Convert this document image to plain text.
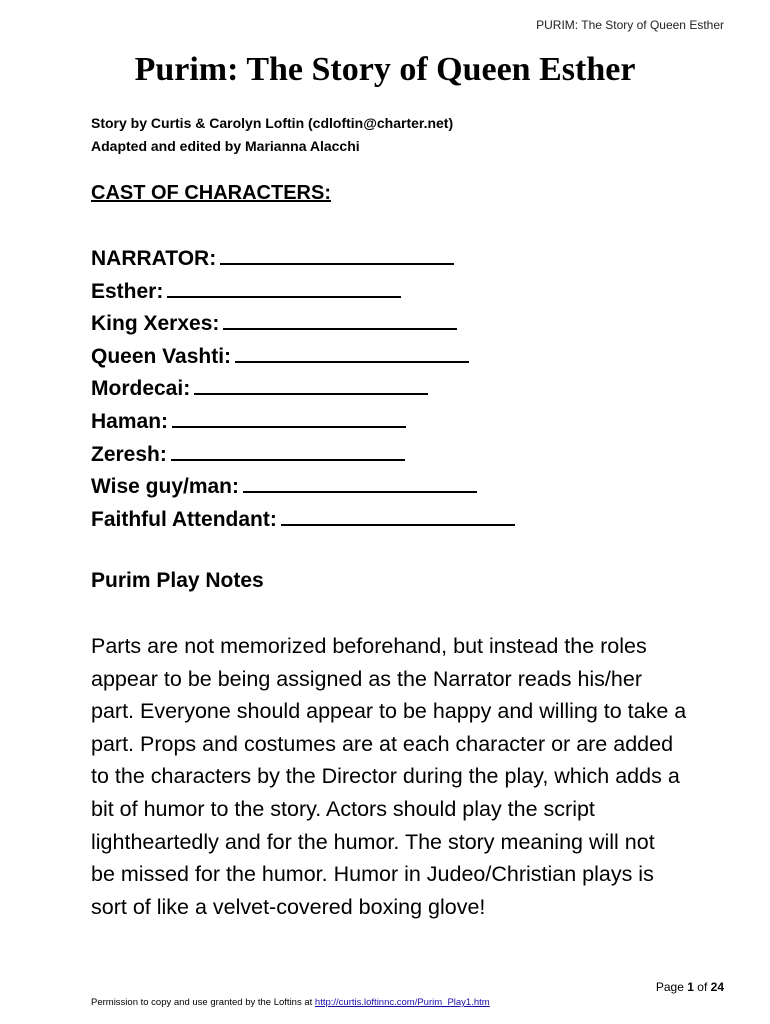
PURIM: The Story of Queen Esther
Purim: The Story of Queen Esther
Story by Curtis & Carolyn Loftin (cdloftin@charter.net)
Adapted and edited by Marianna Alacchi
CAST OF CHARACTERS:
NARRATOR:
Esther:
King Xerxes:
Queen Vashti:
Mordecai:
Haman:
Zeresh:
Wise guy/man:
Faithful Attendant:
Purim Play Notes

Parts are not memorized beforehand, but instead the roles
appear to be being assigned as the Narrator reads his/her
part. Everyone should appear to be happy and willing to take a
part. Props and costumes are at each character or are added
to the characters by the Director during the play, which adds a
bit of humor to the story. Actors should play the script
lightheartedly and for the humor. The story meaning will not
be missed for the humor. Humor in Judeo/Christian plays is
sort of like a velvet-covered boxing glove!

Page 1 of 24
Permission to copy and use granted by the Loftins at http://curtis.loftinnc.com/Purim_Play1.htm
